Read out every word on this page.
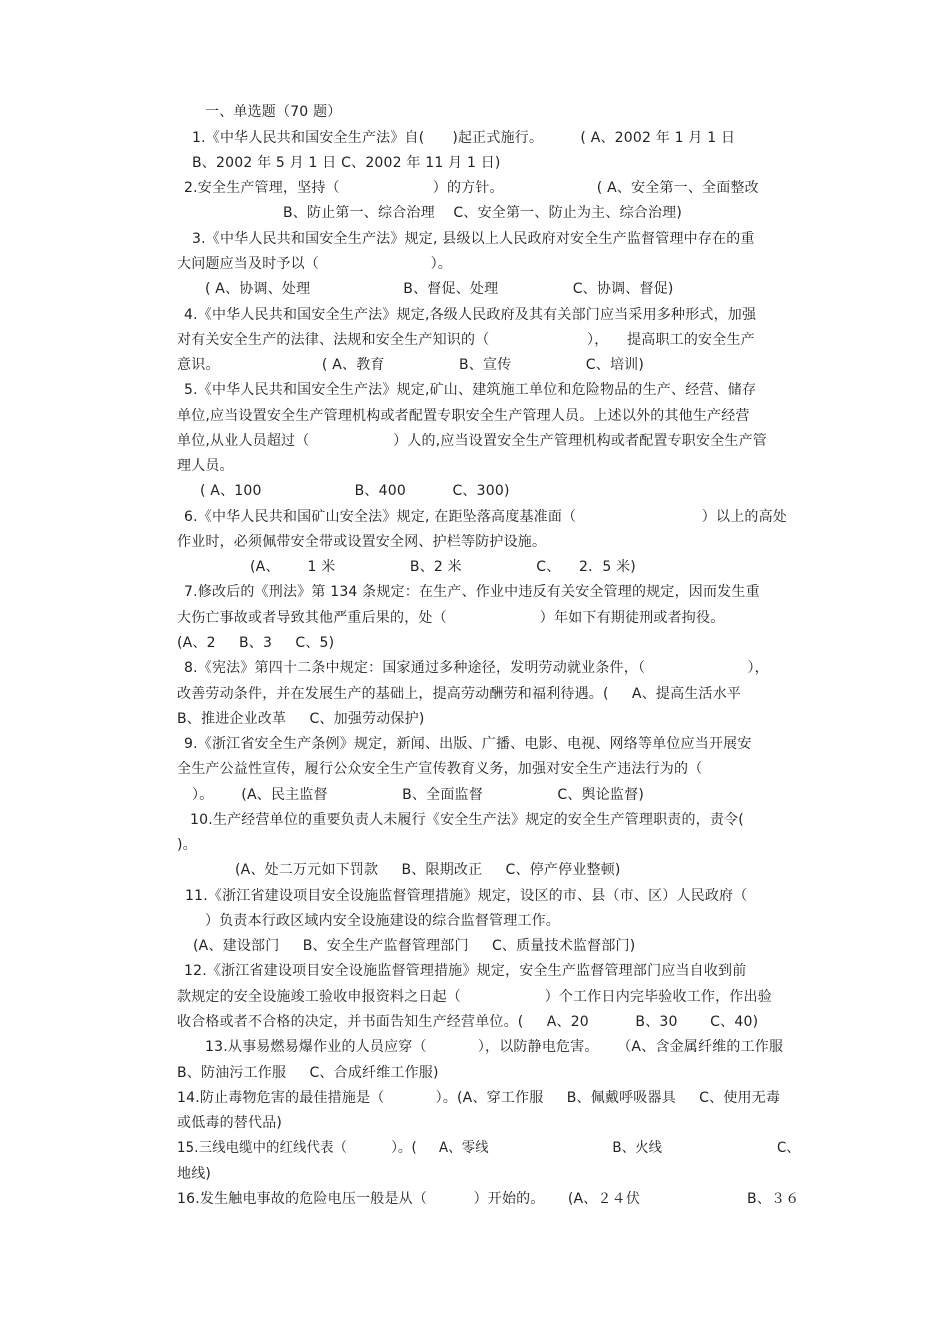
一、单选题（70 题）
1.《中华人民共和国安全生产法》自(      )起正式施行。        ( A、2002 年 1 月 1 日
B、2002 年 5 月 1 日 C、2002 年 11 月 1 日)
2.安全生产管理，坚持（                    ）的方针。                    ( A、安全第一、全面整改
B、防止第一、综合治理    C、安全第一、防止为主、综合治理)
3.《中华人民共和国安全生产法》规定, 县级以上人民政府对安全生产监督管理中存在的重
大问题应当及时予以（                        ）。
( A、协调、处理                    B、督促、处理                C、协调、督促)
4.《中华人民共和国安全生产法》规定,各级人民政府及其有关部门应当采用多种形式，加强
对有关安全生产的法律、法规和安全生产知识的（                     ），    提高职工的安全生产
意识。                      ( A、教育                B、宣传                C、培训)
5.《中华人民共和国安全生产法》规定,矿山、建筑施工单位和危险物品的生产、经营、储存
单位,应当设置安全生产管理机构或者配置专职安全生产管理人员。上述以外的其他生产经营
单位,从业人员超过（                  ）人的,应当设置安全生产管理机构或者配置专职安全生产管
理人员。
( A、100                    B、400          C、300)
6.《中华人民共和国矿山安全法》规定, 在距坠落高度基准面（                           ）以上的高处
作业时，必须佩带安全带或设置安全网、护栏等防护设施。
(A、      1 米                B、2 米                C、    2．5 米)
7.修改后的《刑法》第 134 条规定：在生产、作业中违反有关安全管理的规定，因而发生重
大伤亡事故或者导致其他严重后果的，处（                    ）年如下有期徒刑或者拘役。
(A、2     B、3     C、5)
8.《宪法》第四十二条中规定：国家通过多种途径，发明劳动就业条件，（                      ），
改善劳动条件，并在发展生产的基础上，提高劳动酬劳和福利待遇。(     A、提高生活水平
B、推进企业改革     C、加强劳动保护)
9.《浙江省安全生产条例》规定，新闻、出版、广播、电影、电视、网络等单位应当开展安
全生产公益性宣传，履行公众安全生产宣传教育义务，加强对安全生产违法行为的（
）。      (A、民主监督                B、全面监督                C、舆论监督)
10.生产经营单位的重要负责人未履行《安全生产法》规定的安全生产管理职责的，责令(
)。
(A、处二万元如下罚款     B、限期改正     C、停产停业整顿)
11.《浙江省建设项目安全设施监督管理措施》规定，设区的市、县（市、区）人民政府（
）负责本行政区域内安全设施建设的综合监督管理工作。
(A、建设部门     B、安全生产监督管理部门     C、质量技术监督部门)
12.《浙江省建设项目安全设施监督管理措施》规定，安全生产监督管理部门应当自收到前
款规定的安全设施竣工验收申报资料之日起（                  ）个工作日内完毕验收工作，作出验
收合格或者不合格的决定，并书面告知生产经营单位。(     A、20          B、30       C、40)
13.从事易燃易爆作业的人员应穿（           ），以防静电危害。    （A、含金属纤维的工作服
B、防油污工作服     C、合成纤维工作服)
14.防止毒物危害的最佳措施是（           ）。(A、穿工作服     B、佩戴呼吸器具     C、使用无毒
或低毒的替代品)
15.三线电缆中的红线代表（          ）。(     A、零线                            B、火线                          C、
地线)
16.发生触电事故的危险电压一般是从（          ）开始的。     (A、２４伏                       B、３６
